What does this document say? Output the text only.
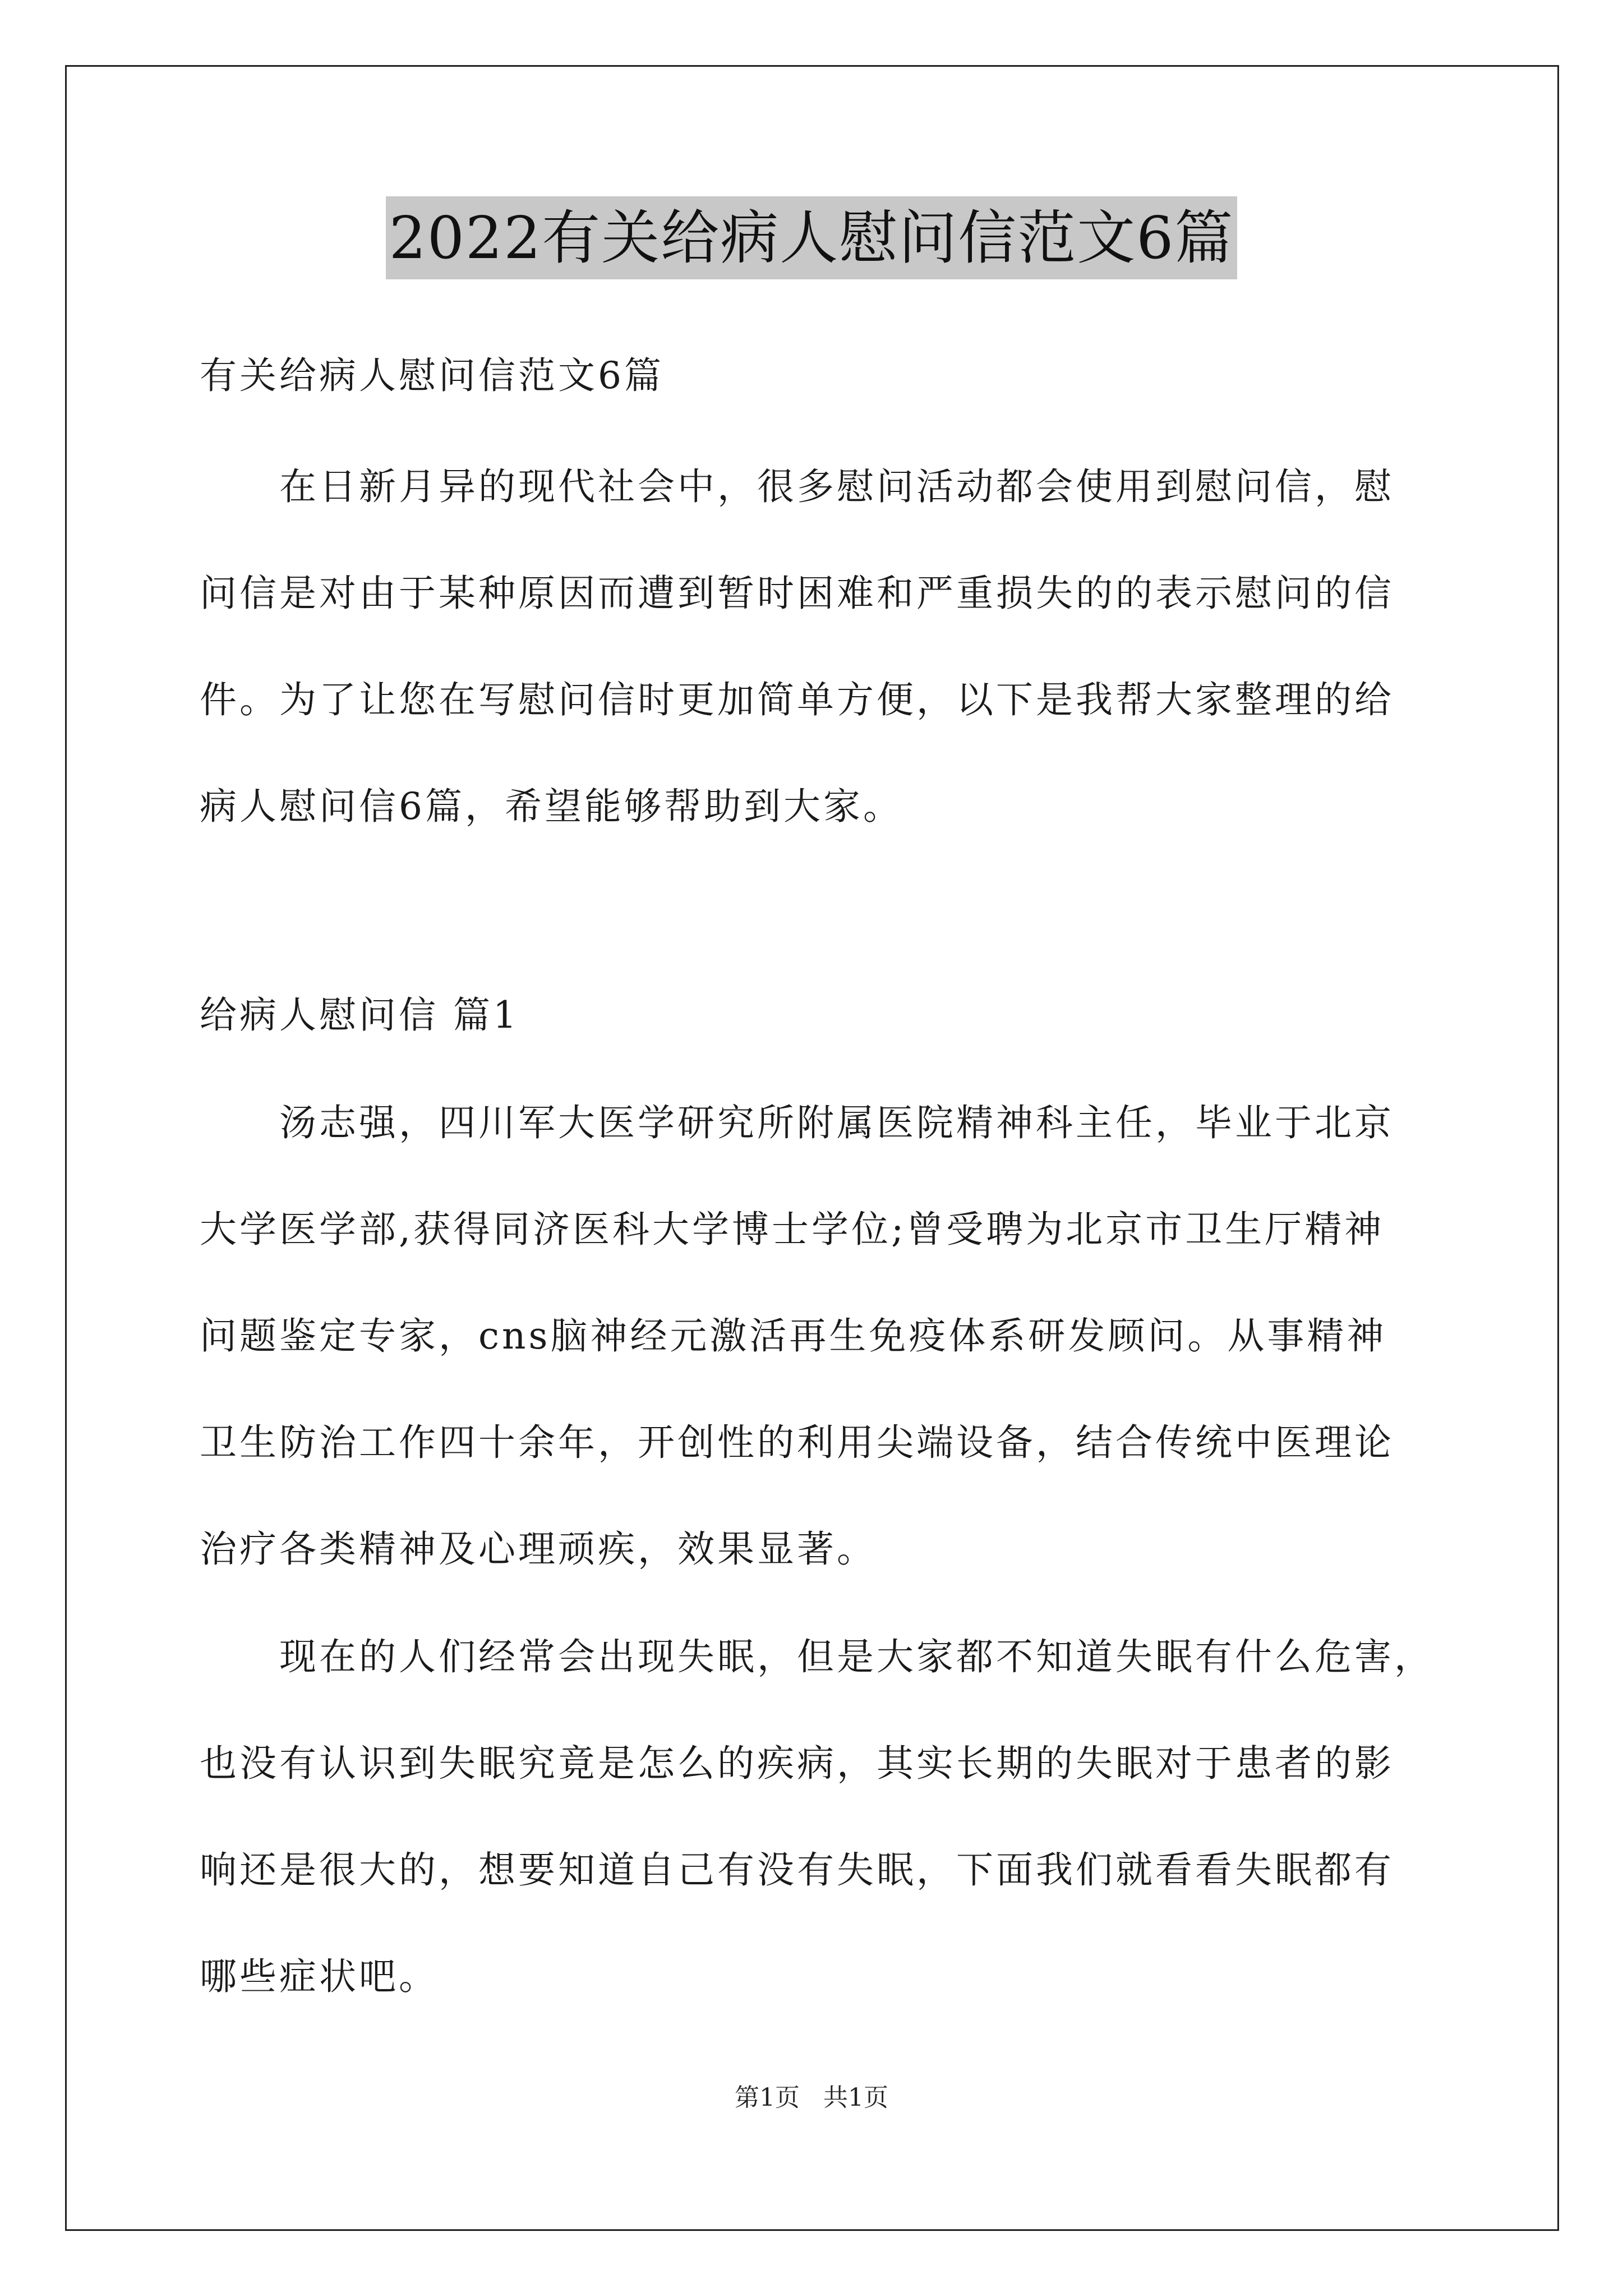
2022有关给病人慰问信范文6篇
有关给病人慰问信范文6篇
　　在日新月异的现代社会中，很多慰问活动都会使用到慰问信，慰
问信是对由于某种原因而遭到暂时困难和严重损失的的表示慰问的信
件。为了让您在写慰问信时更加简单方便，以下是我帮大家整理的给
病人慰问信6篇，希望能够帮助到大家。
给病人慰问信 篇1
　　汤志强，四川军大医学研究所附属医院精神科主任，毕业于北京
大学医学部,获得同济医科大学博士学位;曾受聘为北京市卫生厅精神
问题鉴定专家，cns脑神经元激活再生免疫体系研发顾问。从事精神
卫生防治工作四十余年，开创性的利用尖端设备，结合传统中医理论
治疗各类精神及心理顽疾，效果显著。
　　现在的人们经常会出现失眠，但是大家都不知道失眠有什么危害，
也没有认识到失眠究竟是怎么的疾病，其实长期的失眠对于患者的影
响还是很大的，想要知道自己有没有失眠，下面我们就看看失眠都有
哪些症状吧。
第1页 共1页
